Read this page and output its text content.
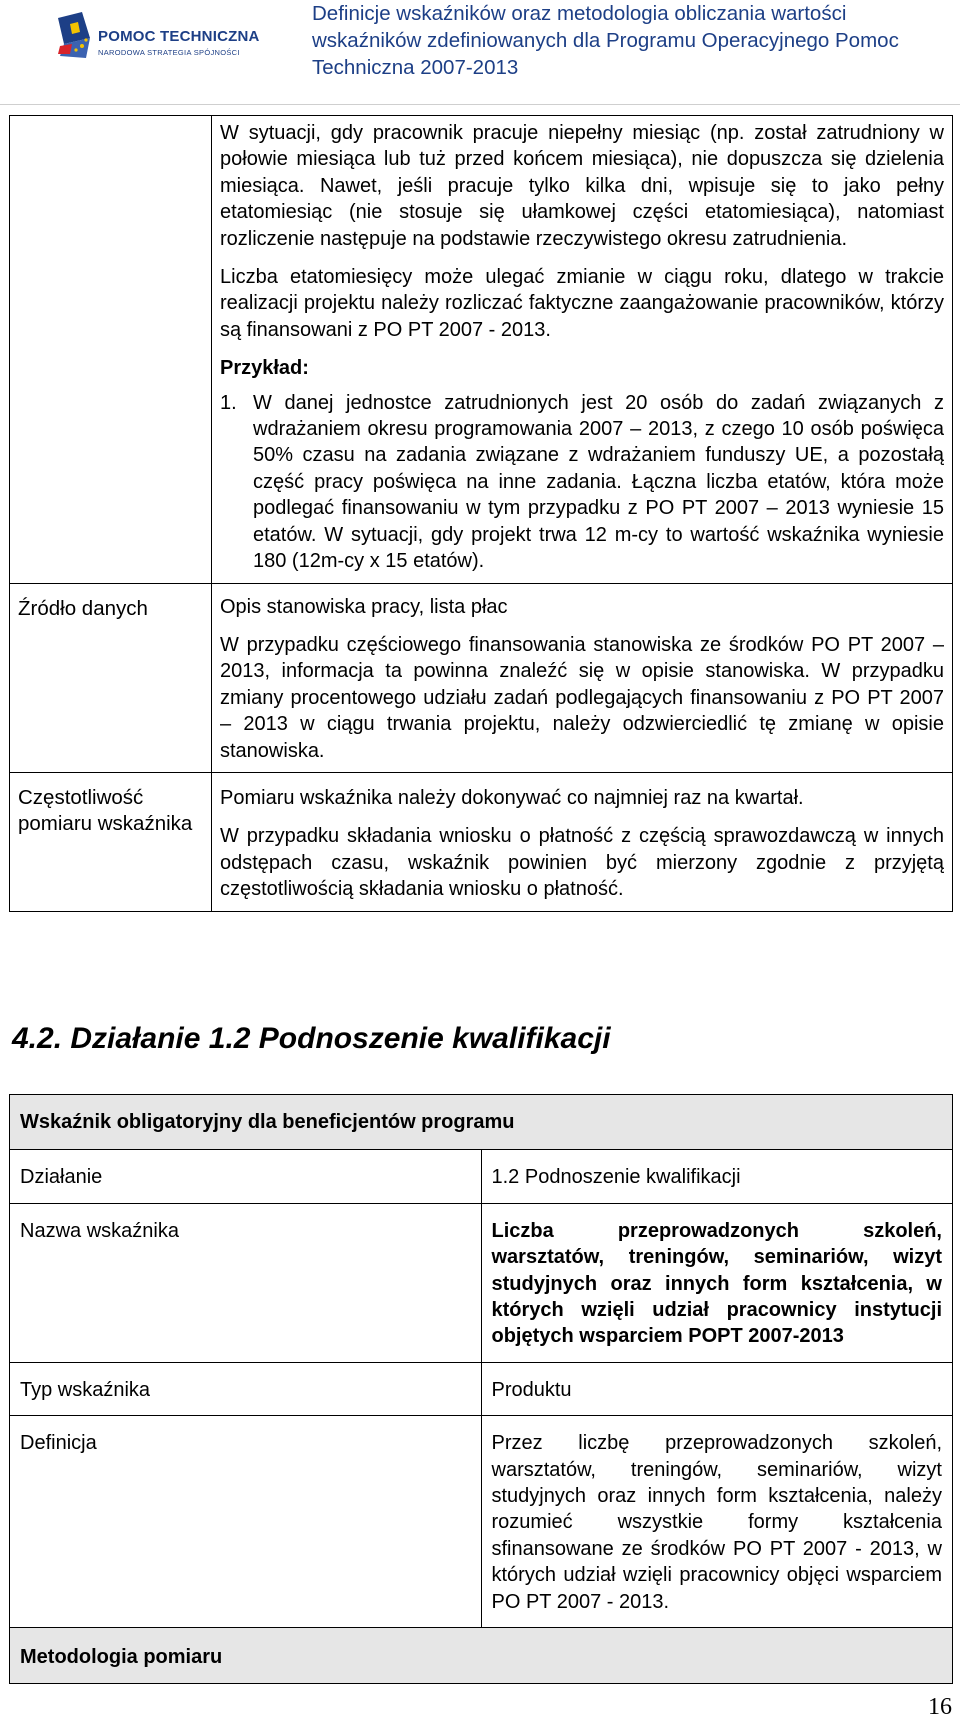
POMOC TECHNICZNA
NARODOWA STRATEGIA SPÓJNOŚCI
Definicje wskaźników oraz metodologia obliczania wartości wskaźników zdefiniowanych dla Programu Operacyjnego Pomoc Techniczna 2007-2013

	W sytuacji, gdy pracownik pracuje niepełny miesiąc (np. został zatrudniony w połowie miesiąca lub tuż przed końcem miesiąca), nie dopuszcza się dzielenia miesiąca. Nawet, jeśli pracuje tylko kilka dni, wpisuje się to jako pełny etatomiesiąc (nie stosuje się ułamkowej części etatomiesiąca), natomiast rozliczenie następuje na podstawie rzeczywistego okresu zatrudnienia.

Liczba etatomiesięcy może ulegać zmianie w ciągu roku, dlatego w trakcie realizacji projektu należy rozliczać faktyczne zaangażowanie pracowników, którzy są finansowani z PO PT 2007 - 2013.

Przykład:

1. W danej jednostce zatrudnionych jest 20 osób do zadań związanych z wdrażaniem okresu programowania 2007 – 2013, z czego 10 osób poświęca 50% czasu na zadania związane z wdrażaniem funduszy UE, a pozostałą część pracy poświęca na inne zadania. Łączna liczba etatów, która może podlegać finansowaniu w tym przypadku z PO PT 2007 – 2013 wyniesie 15 etatów. W sytuacji, gdy projekt trwa 12 m-cy to wartość wskaźnika wyniesie 180 (12m-cy x 15 etatów).

Źródło danych	Opis stanowiska pracy, lista płac

W przypadku częściowego finansowania stanowiska ze środków PO PT 2007 – 2013, informacja ta powinna znaleźć się w opisie stanowiska. W przypadku zmiany procentowego udziału zadań podlegających finansowaniu z PO PT 2007 – 2013 w ciągu trwania projektu, należy odzwierciedlić tę zmianę w opisie stanowiska.

Częstotliwość pomiaru wskaźnika	Pomiaru wskaźnika należy dokonywać co najmniej raz na kwartał.

W przypadku składania wniosku o płatność z częścią sprawozdawczą w innych odstępach czasu, wskaźnik powinien być mierzony zgodnie z przyjętą częstotliwością składania wniosku o płatność.

4.2. Działanie 1.2 Podnoszenie kwalifikacji
Wskaźnik obligatoryjny dla beneficjentów programu	
Działanie	1.2 Podnoszenie kwalifikacji
Nazwa wskaźnika	Liczba przeprowadzonych szkoleń, warsztatów, treningów, seminariów, wizyt studyjnych oraz innych form kształcenia, w których wzięli udział pracownicy instytucji objętych wsparciem POPT 2007-2013
Typ wskaźnika	Produktu
Definicja	Przez liczbę przeprowadzonych szkoleń, warsztatów, treningów, seminariów, wizyt studyjnych oraz innych form kształcenia, należy rozumieć wszystkie formy kształcenia sfinansowane ze środków PO PT 2007 - 2013, w których udział wzięli pracownicy objęci wsparciem PO PT 2007 - 2013.
Metodologia pomiaru	
16
